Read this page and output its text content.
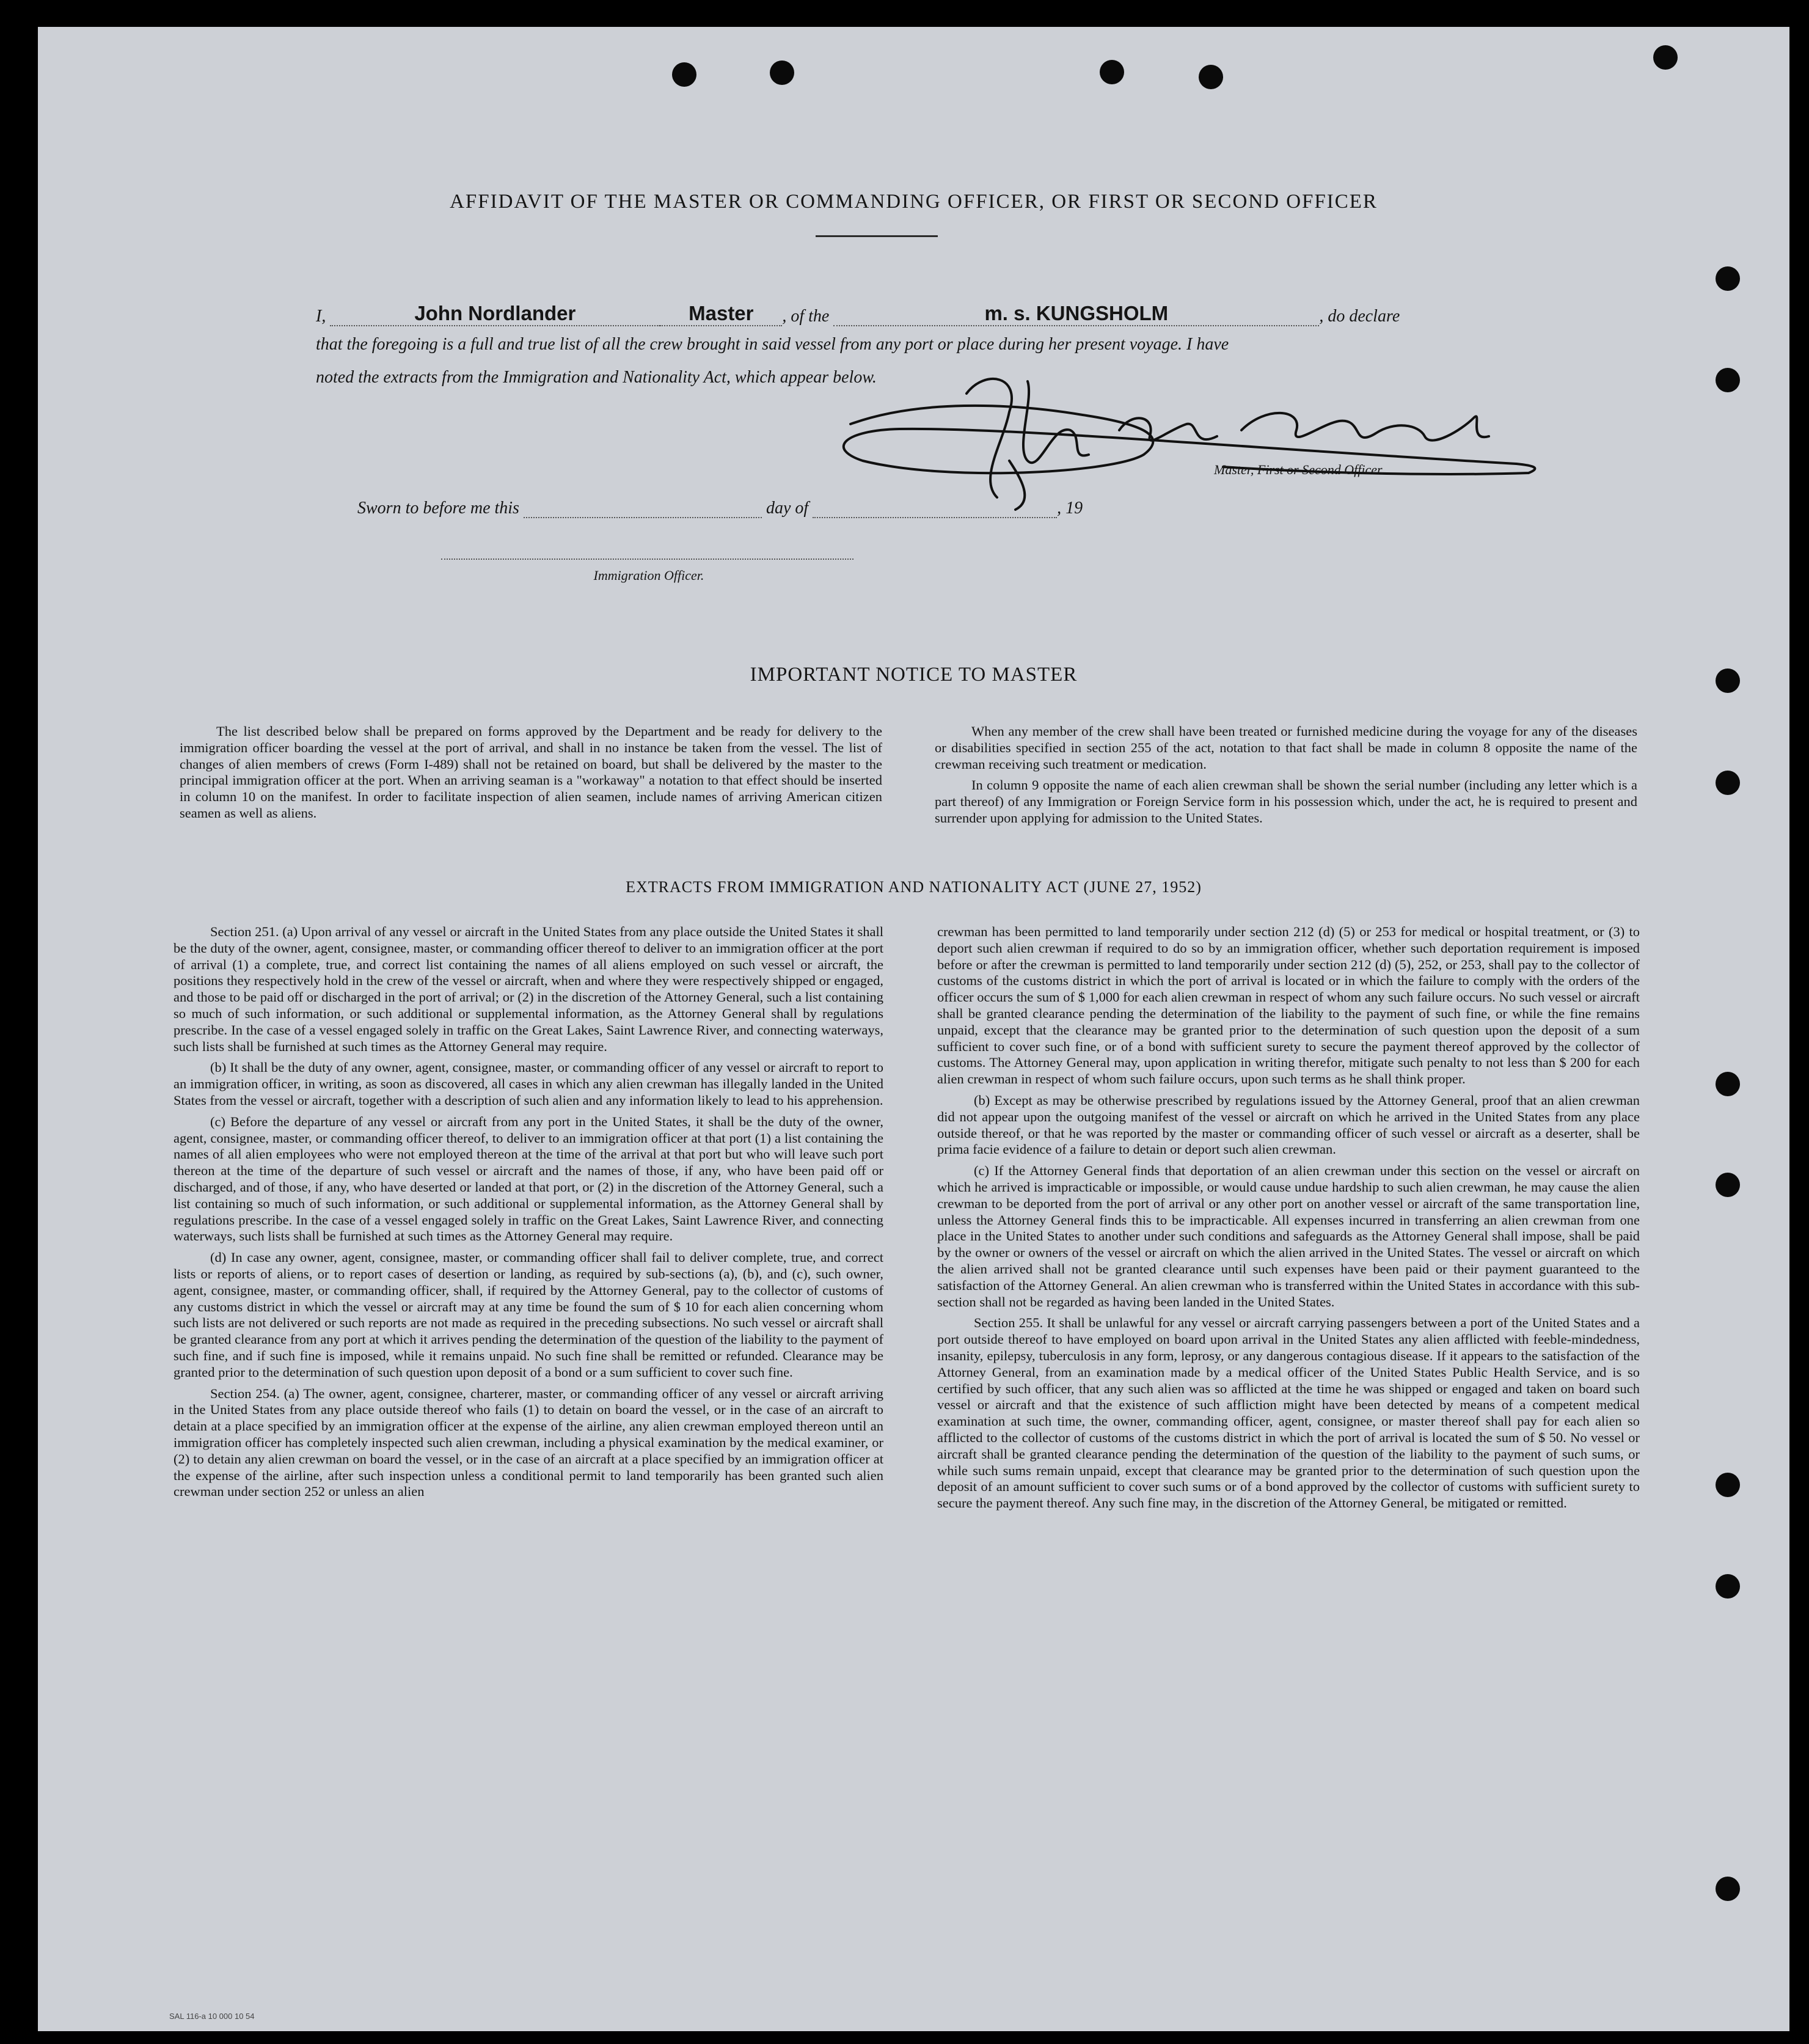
AFFIDAVIT OF THE MASTER OR COMMANDING OFFICER, OR FIRST OR SECOND OFFICER
I,	John Nordlander	Master , of the	m. s. KUNGSHOLM	, do declare
that the foregoing is a full and true list of all the crew brought in said vessel from any port or place during her present voyage. I have
noted the extracts from the Immigration and Nationality Act, which appear below.
Master, First or Second Officer.
Sworn to before me this	day of	, 19
Immigration Officer.
IMPORTANT NOTICE TO MASTER

The list described below shall be prepared on forms approved by the Department and be ready for delivery to the immigration officer boarding the vessel at the port of arrival, and shall in no instance be taken from the vessel. The list of changes of alien members of crews (Form I-489) shall not be retained on board, but shall be delivered by the master to the principal immigration officer at the port. When an arriving seaman is a "workaway" a notation to that effect should be inserted in column 10 on the manifest. In order to facilitate inspection of alien seamen, include names of arriving American citizen seamen as well as aliens.

When any member of the crew shall have been treated or furnished medicine during the voyage for any of the diseases or disabilities specified in section 255 of the act, notation to that fact shall be made in column 8 opposite the name of the crewman receiving such treatment or medication.

In column 9 opposite the name of each alien crewman shall be shown the serial number (including any letter which is a part thereof) of any Immigration or Foreign Service form in his possession which, under the act, he is required to present and surrender upon applying for admission to the United States.

EXTRACTS FROM IMMIGRATION AND NATIONALITY ACT (JUNE 27, 1952)

Section 251. (a) Upon arrival of any vessel or aircraft in the United States from any place outside the United States it shall be the duty of the owner, agent, consignee, master, or commanding officer thereof to deliver to an immigration officer at the port of arrival (1) a complete, true, and correct list containing the names of all aliens employed on such vessel or aircraft, the positions they respectively hold in the crew of the vessel or aircraft, when and where they were respectively shipped or engaged, and those to be paid off or discharged in the port of arrival; or (2) in the discretion of the Attorney General, such a list containing so much of such information, or such additional or supplemental information, as the Attorney General shall by regulations prescribe. In the case of a vessel engaged solely in traffic on the Great Lakes, Saint Lawrence River, and connecting waterways, such lists shall be furnished at such times as the Attorney General may require.

(b) It shall be the duty of any owner, agent, consignee, master, or commanding officer of any vessel or aircraft to report to an immigration officer, in writing, as soon as discovered, all cases in which any alien crewman has illegally landed in the United States from the vessel or aircraft, together with a description of such alien and any information likely to lead to his apprehension.

(c) Before the departure of any vessel or aircraft from any port in the United States, it shall be the duty of the owner, agent, consignee, master, or commanding officer thereof, to deliver to an immigration officer at that port (1) a list containing the names of all alien employees who were not employed thereon at the time of the arrival at that port but who will leave such port thereon at the time of the departure of such vessel or aircraft and the names of those, if any, who have been paid off or discharged, and of those, if any, who have deserted or landed at that port, or (2) in the discretion of the Attorney General, such a list containing so much of such information, or such additional or supplemental information, as the Attorney General shall by regulations prescribe. In the case of a vessel engaged solely in traffic on the Great Lakes, Saint Lawrence River, and connecting waterways, such lists shall be furnished at such times as the Attorney General may require.

(d) In case any owner, agent, consignee, master, or commanding officer shall fail to deliver complete, true, and correct lists or reports of aliens, or to report cases of desertion or landing, as required by sub-sections (a), (b), and (c), such owner, agent, consignee, master, or commanding officer, shall, if required by the Attorney General, pay to the collector of customs of any customs district in which the vessel or aircraft may at any time be found the sum of $ 10 for each alien concerning whom such lists are not delivered or such reports are not made as required in the preceding subsections. No such vessel or aircraft shall be granted clearance from any port at which it arrives pending the determination of the question of the liability to the payment of such fine, and if such fine is imposed, while it remains unpaid. No such fine shall be remitted or refunded. Clearance may be granted prior to the determination of such question upon deposit of a bond or a sum sufficient to cover such fine.

Section 254. (a) The owner, agent, consignee, charterer, master, or commanding officer of any vessel or aircraft arriving in the United States from any place outside thereof who fails (1) to detain on board the vessel, or in the case of an aircraft to detain at a place specified by an immigration officer at the expense of the airline, any alien crewman employed thereon until an immigration officer has completely inspected such alien crewman, including a physical examination by the medical examiner, or (2) to detain any alien crewman on board the vessel, or in the case of an aircraft at a place specified by an immigration officer at the expense of the airline, after such inspection unless a conditional permit to land temporarily has been granted such alien crewman under section 252 or unless an alien

crewman has been permitted to land temporarily under section 212 (d) (5) or 253 for medical or hospital treatment, or (3) to deport such alien crewman if required to do so by an immigration officer, whether such deportation requirement is imposed before or after the crewman is permitted to land temporarily under section 212 (d) (5), 252, or 253, shall pay to the collector of customs of the customs district in which the port of arrival is located or in which the failure to comply with the orders of the officer occurs the sum of $ 1,000 for each alien crewman in respect of whom any such failure occurs. No such vessel or aircraft shall be granted clearance pending the determination of the liability to the payment of such fine, or while the fine remains unpaid, except that the clearance may be granted prior to the determination of such question upon the deposit of a sum sufficient to cover such fine, or of a bond with sufficient surety to secure the payment thereof approved by the collector of customs. The Attorney General may, upon application in writing therefor, mitigate such penalty to not less than $ 200 for each alien crewman in respect of whom such failure occurs, upon such terms as he shall think proper.

(b) Except as may be otherwise prescribed by regulations issued by the Attorney General, proof that an alien crewman did not appear upon the outgoing manifest of the vessel or aircraft on which he arrived in the United States from any place outside thereof, or that he was reported by the master or commanding officer of such vessel or aircraft as a deserter, shall be prima facie evidence of a failure to detain or deport such alien crewman.

(c) If the Attorney General finds that deportation of an alien crewman under this section on the vessel or aircraft on which he arrived is impracticable or impossible, or would cause undue hardship to such alien crewman, he may cause the alien crewman to be deported from the port of arrival or any other port on another vessel or aircraft of the same transportation line, unless the Attorney General finds this to be impracticable. All expenses incurred in transferring an alien crewman from one place in the United States to another under such conditions and safeguards as the Attorney General shall impose, shall be paid by the owner or owners of the vessel or aircraft on which the alien arrived in the United States. The vessel or aircraft on which the alien arrived shall not be granted clearance until such expenses have been paid or their payment guaranteed to the satisfaction of the Attorney General. An alien crewman who is transferred within the United States in accordance with this sub-section shall not be regarded as having been landed in the United States.

Section 255. It shall be unlawful for any vessel or aircraft carrying passengers between a port of the United States and a port outside thereof to have employed on board upon arrival in the United States any alien afflicted with feeble-mindedness, insanity, epilepsy, tuberculosis in any form, leprosy, or any dangerous contagious disease. If it appears to the satisfaction of the Attorney General, from an examination made by a medical officer of the United States Public Health Service, and is so certified by such officer, that any such alien was so afflicted at the time he was shipped or engaged and taken on board such vessel or aircraft and that the existence of such affliction might have been detected by means of a competent medical examination at such time, the owner, commanding officer, agent, consignee, or master thereof shall pay for each alien so afflicted to the collector of customs of the customs district in which the port of arrival is located the sum of $ 50. No vessel or aircraft shall be granted clearance pending the determination of the question of the liability to the payment of such sums, or while such sums remain unpaid, except that clearance may be granted prior to the determination of such question upon the deposit of an amount sufficient to cover such sums or of a bond approved by the collector of customs with sufficient surety to secure the payment thereof. Any such fine may, in the discretion of the Attorney General, be mitigated or remitted.

SAL 116-a 10 000 10 54
